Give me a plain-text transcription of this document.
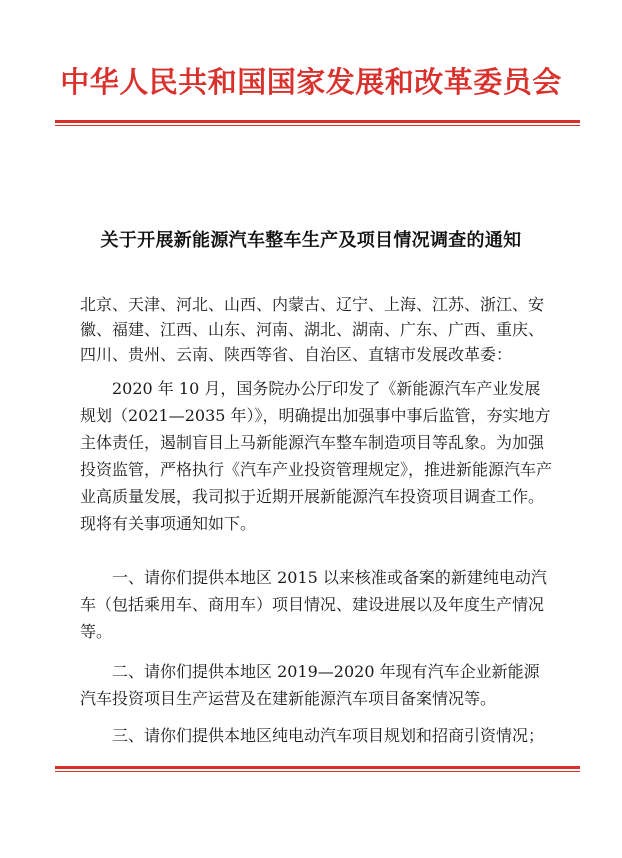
中华人民共和国国家发展和改革委员会
关于开展新能源汽车整车生产及项目情况调查的通知
北京、天津、河北、山西、内蒙古、辽宁、上海、江苏、浙江、安徽、福建、江西、山东、河南、湖北、湖南、广东、广西、重庆、四川、贵州、云南、陕西等省、自治区、直辖市发展改革委：
2020 年 10 月，国务院办公厅印发了《新能源汽车产业发展规划（2021—2035 年）》，明确提出加强事中事后监管，夯实地方主体责任，遏制盲目上马新能源汽车整车制造项目等乱象。为加强投资监管，严格执行《汽车产业投资管理规定》，推进新能源汽车产业高质量发展，我司拟于近期开展新能源汽车投资项目调查工作。现将有关事项通知如下。
一、请你们提供本地区 2015 以来核准或备案的新建纯电动汽车（包括乘用车、商用车）项目情况、建设进展以及年度生产情况等。
二、请你们提供本地区 2019—2020 年现有汽车企业新能源汽车投资项目生产运营及在建新能源汽车项目备案情况等。
三、请你们提供本地区纯电动汽车项目规划和招商引资情况；
